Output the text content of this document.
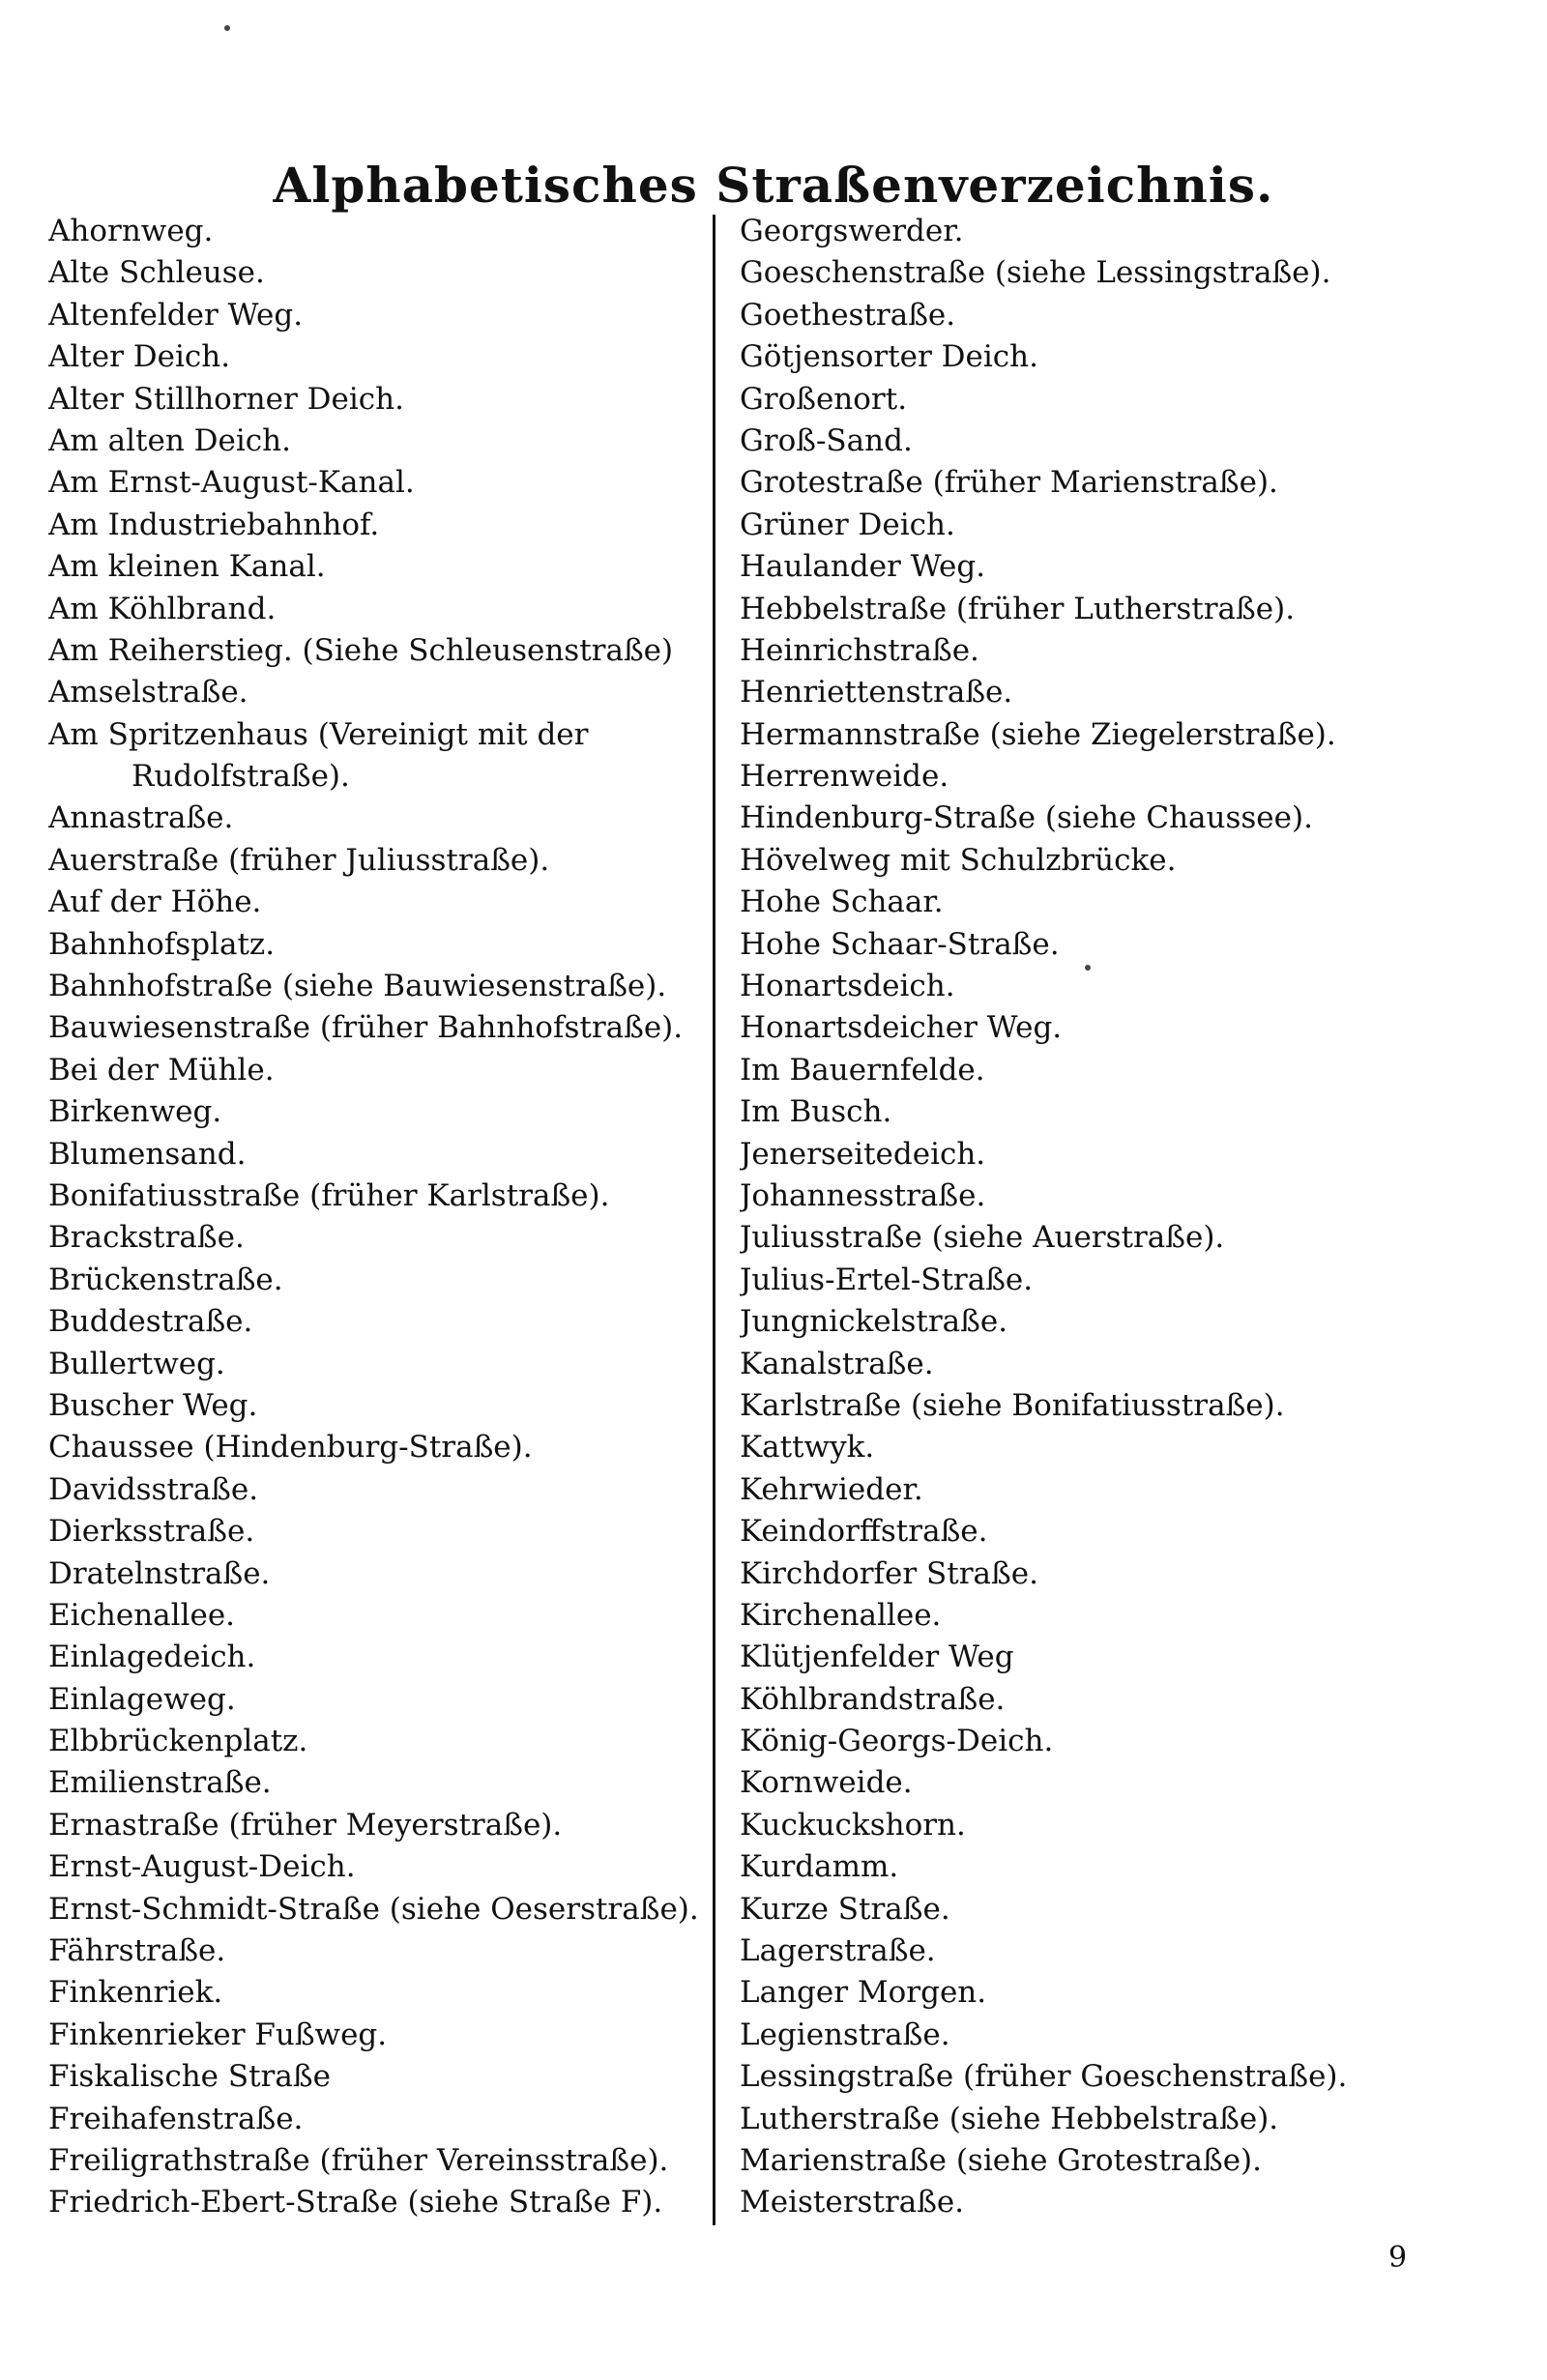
Alphabetisches Straßenverzeichnis.
Ahornweg.
Alte Schleuse.
Altenfelder Weg.
Alter Deich.
Alter Stillhorner Deich.
Am alten Deich.
Am Ernst-August-Kanal.
Am Industriebahnhof.
Am kleinen Kanal.
Am Köhlbrand.
Am Reiherstieg. (Siehe Schleusenstraße)
Amselstraße.
Am Spritzenhaus (Vereinigt mit der Rudolfstraße).
Annastraße.
Auerstraße (früher Juliusstraße).
Auf der Höhe.
Bahnhofsplatz.
Bahnhofstraße (siehe Bauwiesenstraße).
Bauwiesenstraße (früher Bahnhofstraße).
Bei der Mühle.
Birkenweg.
Blumensand.
Bonifatiusstraße (früher Karlstraße).
Brackstraße.
Brückenstraße.
Buddestraße.
Bullertweg.
Buscher Weg.
Chaussee (Hindenburg-Straße).
Davidsstraße.
Dierksstraße.
Dratelnstraße.
Eichenallee.
Einlagedeich.
Einlageweg.
Elbbrückenplatz.
Emilienstraße.
Ernastraße (früher Meyerstraße).
Ernst-August-Deich.
Ernst-Schmidt-Straße (siehe Oeserstraße).
Fährstraße.
Finkenriek.
Finkenrieker Fußweg.
Fiskalische Straße
Freihafenstraße.
Freiligrathstraße (früher Vereinsstraße).
Friedrich-Ebert-Straße (siehe Straße F).
Georgswerder.
Goeschenstraße (siehe Lessingstraße).
Goethestraße.
Götjensorter Deich.
Großenort.
Groß-Sand.
Grotestraße (früher Marienstraße).
Grüner Deich.
Haulander Weg.
Hebbelstraße (früher Lutherstraße).
Heinrichstraße.
Henriettenstraße.
Hermannstraße (siehe Ziegelerstraße).
Herrenweide.
Hindenburg-Straße (siehe Chaussee).
Hövelweg mit Schulzbrücke.
Hohe Schaar.
Hohe Schaar-Straße.
Honartsdeich.
Honartsdeicher Weg.
Im Bauernfelde.
Im Busch.
Jenerseitedeich.
Johannesstraße.
Juliusstraße (siehe Auerstraße).
Julius-Ertel-Straße.
Jungnickelstraße.
Kanalstraße.
Karlstraße (siehe Bonifatiusstraße).
Kattwyk.
Kehrwieder.
Keindorffstraße.
Kirchdorfer Straße.
Kirchenallee.
Klütjenfelder Weg
Köhlbrandstraße.
König-Georgs-Deich.
Kornweide.
Kuckuckshorn.
Kurdamm.
Kurze Straße.
Lagerstraße.
Langer Morgen.
Legienstraße.
Lessingstraße (früher Goeschenstraße).
Lutherstraße (siehe Hebbelstraße).
Marienstraße (siehe Grotestraße).
Meisterstraße.
9
